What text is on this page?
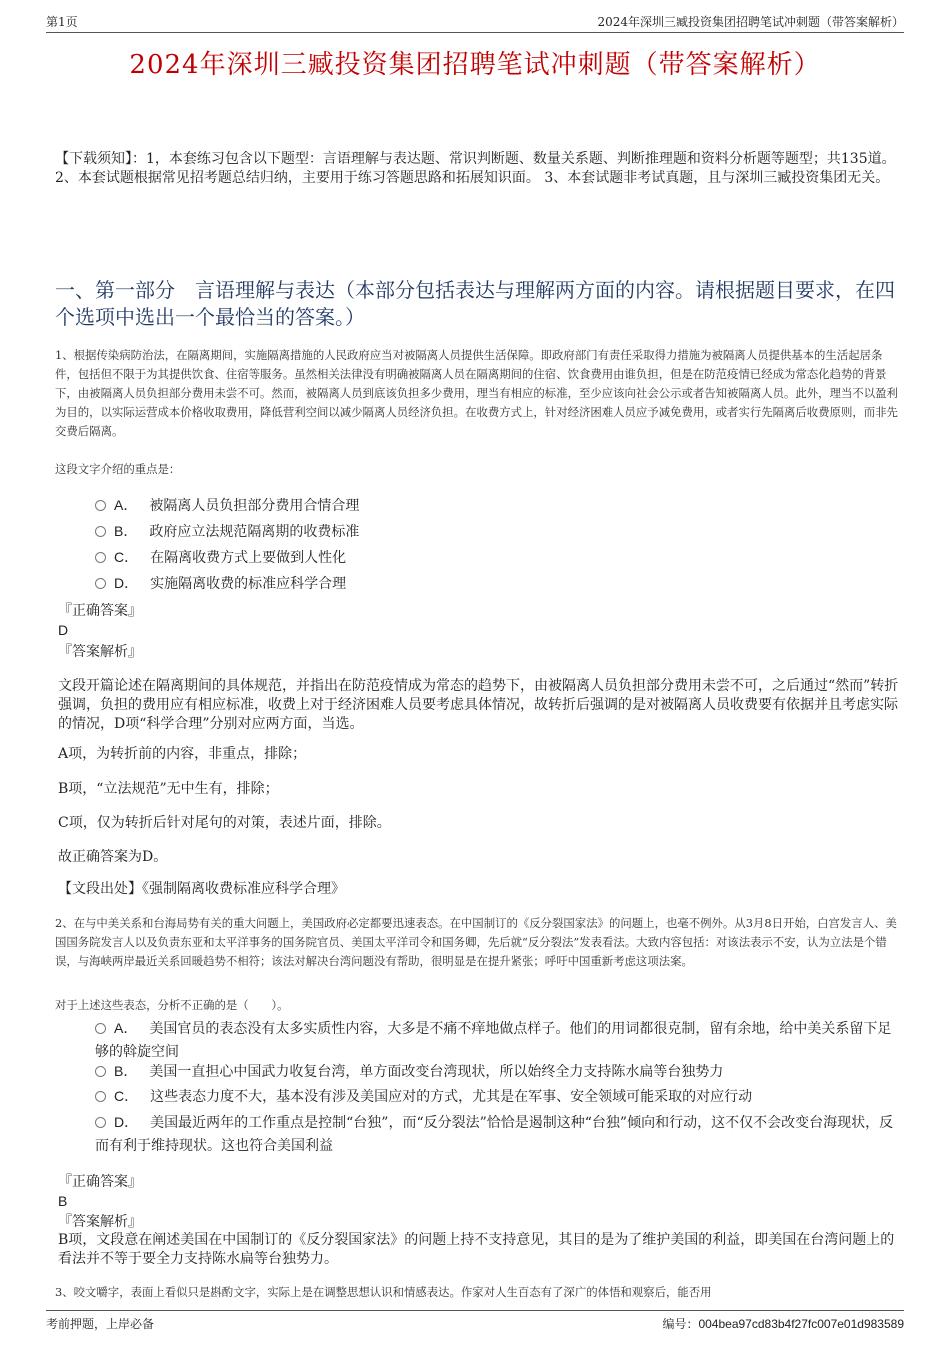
第1页	2024年深圳三臧投资集团招聘笔试冲刺题（带答案解析）
2024年深圳三臧投资集团招聘笔试冲刺题（带答案解析）
【下载须知】：1，本套练习包含以下题型：言语理解与表达题、常识判断题、数量关系题、判断推理题和资料分析题等题型；共135道。 2、本套试题根据常见招考题总结归纳，主要用于练习答题思路和拓展知识面。 3、本套试题非考试真题，且与深圳三臧投资集团无关。
一、第一部分　言语理解与表达（本部分包括表达与理解两方面的内容。请根据题目要求，在四个选项中选出一个最恰当的答案。）
1、根据传染病防治法，在隔离期间，实施隔离措施的人民政府应当对被隔离人员提供生活保障。即政府部门有责任采取得力措施为被隔离人员提供基本的生活起居条件，包括但不限于为其提供饮食、住宿等服务。虽然相关法律没有明确被隔离人员在隔离期间的住宿、饮食费用由谁负担，但是在防范疫情已经成为常态化趋势的背景下，由被隔离人员负担部分费用未尝不可。然而，被隔离人员到底该负担多少费用，理当有相应的标准，至少应该向社会公示或者告知被隔离人员。此外，理当不以盈利为目的，以实际运营成本价格收取费用，降低营利空间以减少隔离人员经济负担。在收费方式上，针对经济困难人员应予减免费用，或者实行先隔离后收费原则，而非先交费后隔离。
这段文字介绍的重点是：
A． 被隔离人员负担部分费用合情合理
B． 政府应立法规范隔离期的收费标准
C． 在隔离收费方式上要做到人性化
D． 实施隔离收费的标准应科学合理
『正确答案』
D
『答案解析』
文段开篇论述在隔离期间的具体规范，并指出在防范疫情成为常态的趋势下，由被隔离人员负担部分费用未尝不可，之后通过“然而”转折强调，负担的费用应有相应标准，收费上对于经济困难人员要考虑具体情况，故转折后强调的是对被隔离人员收费要有依据并且考虑实际的情况，D项“科学合理”分别对应两方面，当选。
A项，为转折前的内容，非重点，排除；
B项，“立法规范”无中生有，排除；
C项，仅为转折后针对尾句的对策，表述片面，排除。
故正确答案为D。
【文段出处】《强制隔离收费标准应科学合理》
2、在与中美关系和台海局势有关的重大问题上，美国政府必定都要迅速表态。在中国制订的《反分裂国家法》的问题上，也毫不例外。从3月8日开始，白宫发言人、美国国务院发言人以及负责东亚和太平洋事务的国务院官员、美国太平洋司令和国务卿，先后就“反分裂法”发表看法。大致内容包括：对该法表示不安，认为立法是个错误，与海峡两岸最近关系回暖趋势不相符；该法对解决台湾问题没有帮助，很明显是在提升紧张；呼吁中国重新考虑这项法案。
对于上述这些表态，分析不正确的是（　　）。
A． 美国官员的表态没有太多实质性内容，大多是不痛不痒地做点样子。他们的用词都很克制，留有余地，给中美关系留下足够的斡旋空间
B． 美国一直担心中国武力收复台湾，单方面改变台湾现状，所以始终全力支持陈水扁等台独势力
C． 这些表态力度不大，基本没有涉及美国应对的方式，尤其是在军事、安全领域可能采取的对应行动
D． 美国最近两年的工作重点是控制“台独”，而“反分裂法”恰恰是遏制这种“台独”倾向和行动，这不仅不会改变台海现状，反而有利于维持现状。这也符合美国利益
『正确答案』
B
『答案解析』
B项，文段意在阐述美国在中国制订的《反分裂国家法》的问题上持不支持意见，其目的是为了维护美国的利益，即美国在台湾问题上的看法并不等于要全力支持陈水扁等台独势力。
3、咬文嚼字，表面上看似只是斟酌文字，实际上是在调整思想认识和情感表达。作家对人生百态有了深广的体悟和观察后，能否用
考前押题，上岸必备	编号：004bea97cd83b4f27fc007e01d983589
